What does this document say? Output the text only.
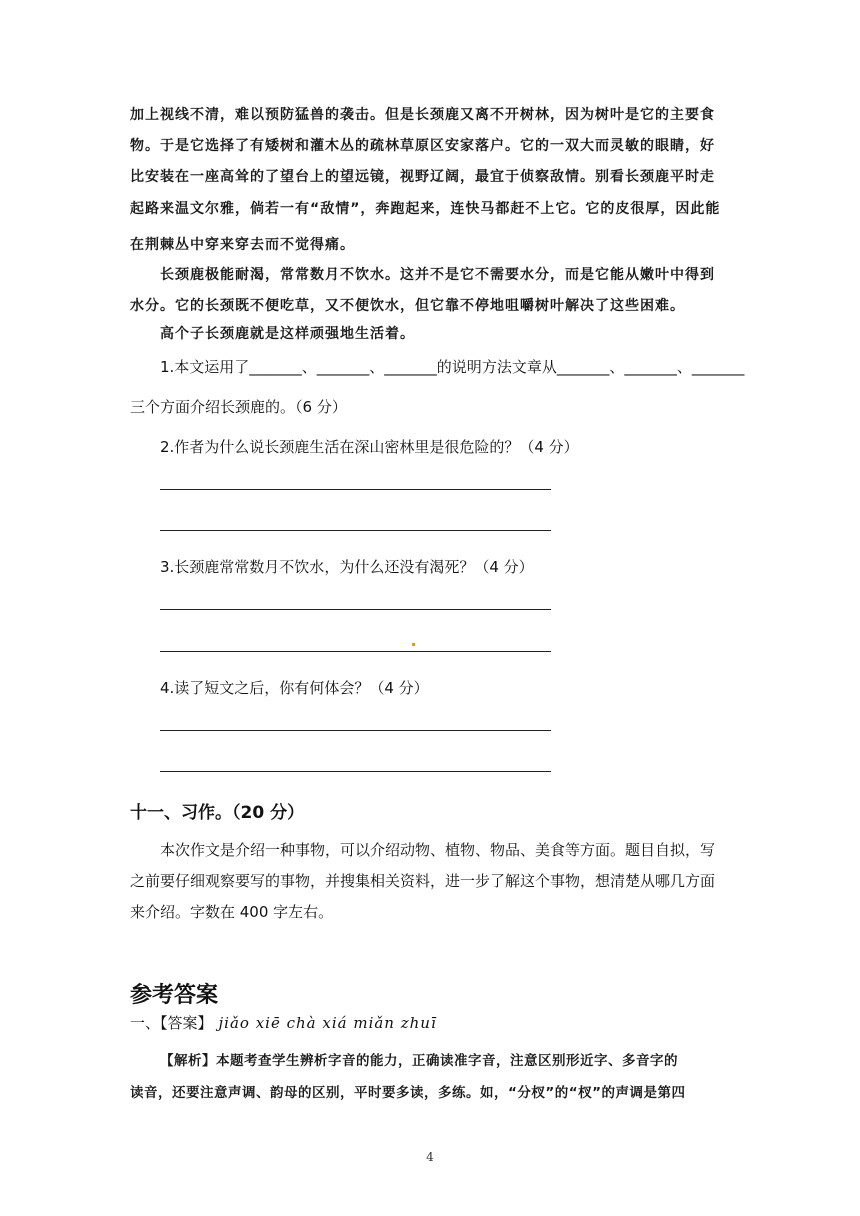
加上视线不清，难以预防猛兽的袭击。但是长颈鹿又离不开树林，因为树叶是它的主要食
物。于是它选择了有矮树和灌木丛的疏林草原区安家落户。它的一双大而灵敏的眼睛，好
比安装在一座高耸的了望台上的望远镜，视野辽阔，最宜于侦察敌情。别看长颈鹿平时走
起路来温文尔雅，倘若一有“敌情”，奔跑起来，连快马都赶不上它。它的皮很厚，因此能
在荆棘丛中穿来穿去而不觉得痛。
长颈鹿极能耐渴，常常数月不饮水。这并不是它不需要水分，而是它能从嫩叶中得到
水分。它的长颈既不便吃草，又不便饮水，但它靠不停地咀嚼树叶解决了这些困难。
高个子长颈鹿就是这样顽强地生活着。
1.本文运用了_______、_______、_______的说明方法文章从_______、_______、_______
三个方面介绍长颈鹿的。（6 分）
2.作者为什么说长颈鹿生活在深山密林里是很危险的？（4 分）
3.长颈鹿常常数月不饮水，为什么还没有渴死？（4 分）
4.读了短文之后，你有何体会？（4 分）
十一、习作。（20 分）
本次作文是介绍一种事物，可以介绍动物、植物、物品、美食等方面。题目自拟，写
之前要仔细观察要写的事物，并搜集相关资料，进一步了解这个事物，想清楚从哪几方面
来介绍。字数在 400 字左右。
参考答案
一、【答案】 jiǎo xiē chà xiá miǎn zhuī
【解析】本题考查学生辨析字音的能力，正确读准字音，注意区别形近字、多音字的
读音，还要注意声调、韵母的区别，平时要多读，多练。如，“分杈”的“杈”的声调是第四
4
